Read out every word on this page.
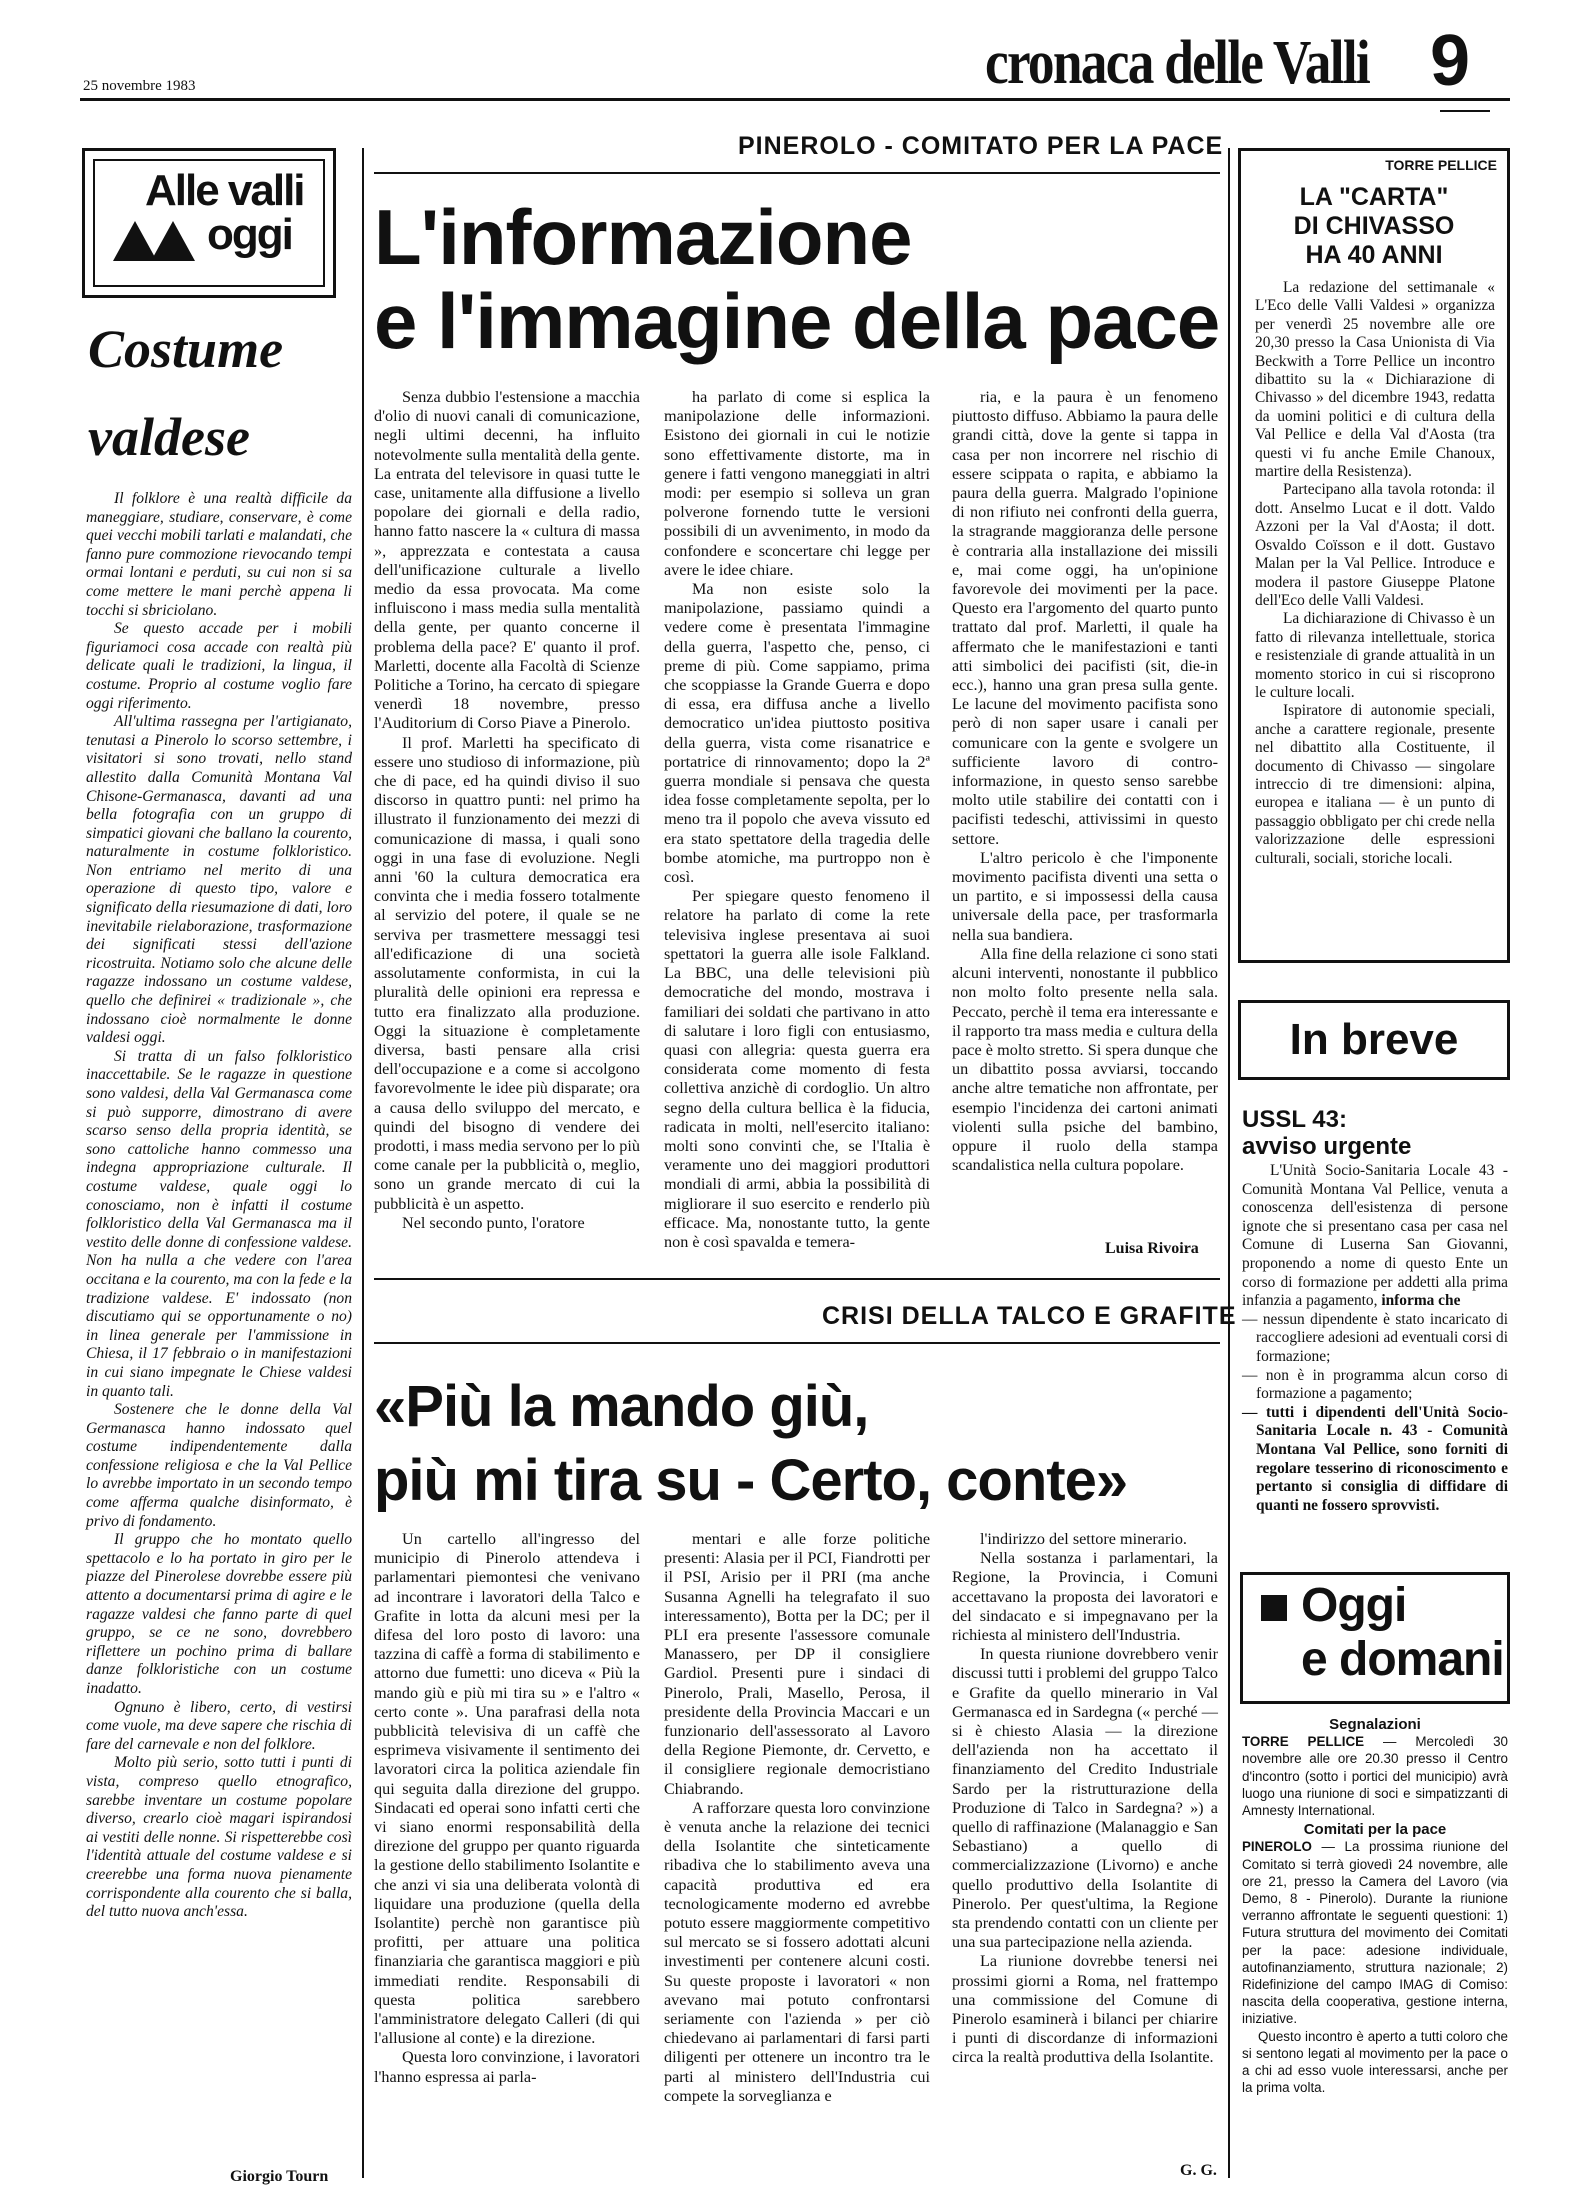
25 novembre 1983	cronaca delle Valli 9
Alle valli
oggi
Costume
valdese

Il folklore è una realtà difficile da maneggiare, studiare, conservare, è come quei vecchi mobili tarlati e malandati, che fanno pure commozione rievocando tempi ormai lontani e perduti, su cui non si sa come mettere le mani perchè appena li tocchi si sbriciolano.

Se questo accade per i mobili figuriamoci cosa accade con realtà più delicate quali le tradizioni, la lingua, il costume. Proprio al costume voglio fare oggi riferimento.

All'ultima rassegna per l'artigianato, tenutasi a Pinerolo lo scorso settembre, i visitatori si sono trovati, nello stand allestito dalla Comunità Montana Val Chisone-Germanasca, davanti ad una bella fotografia con un gruppo di simpatici giovani che ballano la courento, naturalmente in costume folkloristico. Non entriamo nel merito di una operazione di questo tipo, valore e significato della riesumazione di dati, loro inevitabile rielaborazione, trasformazione dei significati stessi dell'azione ricostruita. Notiamo solo che alcune delle ragazze indossano un costume valdese, quello che definirei « tradizionale », che indossano cioè normalmente le donne valdesi oggi.

Si tratta di un falso folkloristico inaccettabile. Se le ragazze in questione sono valdesi, della Val Germanasca come si può supporre, dimostrano di avere scarso senso della propria identità, se sono cattoliche hanno commesso una indegna appropriazione culturale. Il costume valdese, quale oggi lo conosciamo, non è infatti il costume folkloristico della Val Germanasca ma il vestito delle donne di confessione valdese. Non ha nulla a che vedere con l'area occitana e la courento, ma con la fede e la tradizione valdese. E' indossato (non discutiamo qui se opportunamente o no) in linea generale per l'ammissione in Chiesa, il 17 febbraio o in manifestazioni in cui siano impegnate le Chiese valdesi in quanto tali.

Sostenere che le donne della Val Germanasca hanno indossato quel costume indipendentemente dalla confessione religiosa e che la Val Pellice lo avrebbe importato in un secondo tempo come afferma qualche disinformato, è privo di fondamento.

Il gruppo che ho montato quello spettacolo e lo ha portato in giro per le piazze del Pinerolese dovrebbe essere più attento a documentarsi prima di agire e le ragazze valdesi che fanno parte di quel gruppo, se ce ne sono, dovrebbero riflettere un pochino prima di ballare danze folkloristiche con un costume inadatto.

Ognuno è libero, certo, di vestirsi come vuole, ma deve sapere che rischia di fare del carnevale e non del folklore.

Molto più serio, sotto tutti i punti di vista, compreso quello etnografico, sarebbe inventare un costume popolare diverso, crearlo cioè magari ispirandosi ai vestiti delle nonne. Si rispetterebbe così l'identità attuale del costume valdese e si creerebbe una forma nuova pienamente corrispondente alla courento che si balla, del tutto nuova anch'essa.

Giorgio Tourn
PINEROLO - COMITATO PER LA PACE
L'informazione
e l'immagine della pace

Senza dubbio l'estensione a macchia d'olio di nuovi canali di comunicazione, negli ultimi decenni, ha influito notevolmente sulla mentalità della gente. La entrata del televisore in quasi tutte le case, unitamente alla diffusione a livello popolare dei giornali e della radio, hanno fatto nascere la « cultura di massa », apprezzata e contestata a causa dell'unificazione culturale a livello medio da essa provocata. Ma come influiscono i mass media sulla mentalità della gente, per quanto concerne il problema della pace? E' quanto il prof. Marletti, docente alla Facoltà di Scienze Politiche a Torino, ha cercato di spiegare venerdì 18 novembre, presso l'Auditorium di Corso Piave a Pinerolo.

Il prof. Marletti ha specificato di essere uno studioso di informazione, più che di pace, ed ha quindi diviso il suo discorso in quattro punti: nel primo ha illustrato il funzionamento dei mezzi di comunicazione di massa, i quali sono oggi in una fase di evoluzione. Negli anni '60 la cultura democratica era convinta che i media fossero totalmente al servizio del potere, il quale se ne serviva per trasmettere messaggi tesi all'edificazione di una società assolutamente conformista, in cui la pluralità delle opinioni era repressa e tutto era finalizzato alla produzione. Oggi la situazione è completamente diversa, basti pensare alla crisi dell'occupazione e a come si accolgono favorevolmente le idee più disparate; ora a causa dello sviluppo del mercato, e quindi del bisogno di vendere dei prodotti, i mass media servono per lo più come canale per la pubblicità o, meglio, sono un grande mercato di cui la pubblicità è un aspetto.

Nel secondo punto, l'oratore

ha parlato di come si esplica la manipolazione delle informazioni. Esistono dei giornali in cui le notizie sono effettivamente distorte, ma in genere i fatti vengono maneggiati in altri modi: per esempio si solleva un gran polverone fornendo tutte le versioni possibili di un avvenimento, in modo da confondere e sconcertare chi legge per avere le idee chiare.

Ma non esiste solo la manipolazione, passiamo quindi a vedere come è presentata l'immagine della guerra, l'aspetto che, penso, ci preme di più. Come sappiamo, prima che scoppiasse la Grande Guerra e dopo di essa, era diffusa anche a livello democratico un'idea piuttosto positiva della guerra, vista come risanatrice e portatrice di rinnovamento; dopo la 2ª guerra mondiale si pensava che questa idea fosse completamente sepolta, per lo meno tra il popolo che aveva vissuto ed era stato spettatore della tragedia delle bombe atomiche, ma purtroppo non è così.

Per spiegare questo fenomeno il relatore ha parlato di come la rete televisiva inglese presentava ai suoi spettatori la guerra alle isole Falkland. La BBC, una delle televisioni più democratiche del mondo, mostrava i familiari dei soldati che partivano in atto di salutare i loro figli con entusiasmo, quasi con allegria: questa guerra era considerata come momento di festa collettiva anzichè di cordoglio. Un altro segno della cultura bellica è la fiducia, radicata in molti, nell'esercito italiano: molti sono convinti che, se l'Italia è veramente uno dei maggiori produttori mondiali di armi, abbia la possibilità di migliorare il suo esercito e renderlo più efficace. Ma, nonostante tutto, la gente non è così spavalda e temera-

ria, e la paura è un fenomeno piuttosto diffuso. Abbiamo la paura delle grandi città, dove la gente si tappa in casa per non incorrere nel rischio di essere scippata o rapita, e abbiamo la paura della guerra. Malgrado l'opinione di non rifiuto nei confronti della guerra, la stragrande maggioranza delle persone è contraria alla installazione dei missili e, mai come oggi, ha un'opinione favorevole dei movimenti per la pace. Questo era l'argomento del quarto punto trattato dal prof. Marletti, il quale ha affermato che le manifestazioni e tanti atti simbolici dei pacifisti (sit, die-in ecc.), hanno una gran presa sulla gente. Le lacune del movimento pacifista sono però di non saper usare i canali per comunicare con la gente e svolgere un sufficiente lavoro di contro-informazione, in questo senso sarebbe molto utile stabilire dei contatti con i pacifisti tedeschi, attivissimi in questo settore.

L'altro pericolo è che l'imponente movimento pacifista diventi una setta o un partito, e si impossessi della causa universale della pace, per trasformarla nella sua bandiera.

Alla fine della relazione ci sono stati alcuni interventi, nonostante il pubblico non molto folto presente nella sala. Peccato, perchè il tema era interessante e il rapporto tra mass media e cultura della pace è molto stretto. Si spera dunque che un dibattito possa avviarsi, toccando anche altre tematiche non affrontate, per esempio l'incidenza dei cartoni animati violenti sulla psiche del bambino, oppure il ruolo della stampa scandalistica nella cultura popolare.

Luisa Rivoira
CRISI DELLA TALCO E GRAFITE
«Più la mando giù,
più mi tira su - Certo, conte»

Un cartello all'ingresso del municipio di Pinerolo attendeva i parlamentari piemontesi che venivano ad incontrare i lavoratori della Talco e Grafite in lotta da alcuni mesi per la difesa del loro posto di lavoro: una tazzina di caffè a forma di stabilimento e attorno due fumetti: uno diceva « Più la mando giù e più mi tira su » e l'altro « certo conte ». Una parafrasi della nota pubblicità televisiva di un caffè che esprimeva visivamente il sentimento dei lavoratori circa la politica aziendale fin qui seguita dalla direzione del gruppo. Sindacati ed operai sono infatti certi che vi siano enormi responsabilità della direzione del gruppo per quanto riguarda la gestione dello stabilimento Isolantite e che anzi vi sia una deliberata volontà di liquidare una produzione (quella della Isolantite) perchè non garantisce più profitti, per attuare una politica finanziaria che garantisca maggiori e più immediati rendite. Responsabili di questa politica sarebbero l'amministratore delegato Calleri (di qui l'allusione al conte) e la direzione.

Questa loro convinzione, i lavoratori l'hanno espressa ai parla-

mentari e alle forze politiche presenti: Alasia per il PCI, Fiandrotti per il PSI, Arisio per il PRI (ma anche Susanna Agnelli ha telegrafato il suo interessamento), Botta per la DC; per il PLI era presente l'assessore comunale Manassero, per DP il consigliere Gardiol. Presenti pure i sindaci di Pinerolo, Prali, Masello, Perosa, il presidente della Provincia Maccari e un funzionario dell'assessorato al Lavoro della Regione Piemonte, dr. Cervetto, e il consigliere regionale democristiano Chiabrando.

A rafforzare questa loro convinzione è venuta anche la relazione dei tecnici della Isolantite che sinteticamente ribadiva che lo stabilimento aveva una capacità produttiva ed era tecnologicamente moderno ed avrebbe potuto essere maggiormente competitivo sul mercato se si fossero adottati alcuni investimenti per contenere alcuni costi. Su queste proposte i lavoratori « non avevano mai potuto confrontarsi seriamente con l'azienda » per ciò chiedevano ai parlamentari di farsi parti diligenti per ottenere un incontro tra le parti al ministero dell'Industria cui compete la sorveglianza e

l'indirizzo del settore minerario.

Nella sostanza i parlamentari, la Regione, la Provincia, i Comuni accettavano la proposta dei lavoratori e del sindacato e si impegnavano per la richiesta al ministero dell'Industria.

In questa riunione dovrebbero venir discussi tutti i problemi del gruppo Talco e Grafite da quello minerario in Val Germanasca ed in Sardegna (« perché — si è chiesto Alasia — la direzione dell'azienda non ha accettato il finanziamento del Credito Industriale Sardo per la ristrutturazione della Produzione di Talco in Sardegna? ») a quello di raffinazione (Malanaggio e San Sebastiano) a quello di commercializzazione (Livorno) e anche quello produttivo della Isolantite di Pinerolo. Per quest'ultima, la Regione sta prendendo contatti con un cliente per una sua partecipazione nella azienda.

La riunione dovrebbe tenersi nei prossimi giorni a Roma, nel frattempo una commissione del Comune di Pinerolo esaminerà i bilanci per chiarire i punti di discordanze di informazioni circa la realtà produttiva della Isolantite.

G. G.
TORRE PELLICE
LA "CARTA"
DI CHIVASSO
HA 40 ANNI

La redazione del settimanale « L'Eco delle Valli Valdesi » organizza per venerdì 25 novembre alle ore 20,30 presso la Casa Unionista di Via Beckwith a Torre Pellice un incontro dibattito su la « Dichiarazione di Chivasso » del dicembre 1943, redatta da uomini politici e di cultura della Val Pellice e della Val d'Aosta (tra questi vi fu anche Emile Chanoux, martire della Resistenza).

Partecipano alla tavola rotonda: il dott. Anselmo Lucat e il dott. Valdo Azzoni per la Val d'Aosta; il dott. Osvaldo Coïsson e il dott. Gustavo Malan per la Val Pellice. Introduce e modera il pastore Giuseppe Platone dell'Eco delle Valli Valdesi.

La dichiarazione di Chivasso è un fatto di rilevanza intellettuale, storica e resistenziale di grande attualità in un momento storico in cui si riscoprono le culture locali.

Ispiratore di autonomie speciali, anche a carattere regionale, presente nel dibattito alla Costituente, il documento di Chivasso — singolare intreccio di tre dimensioni: alpina, europea e italiana — è un punto di passaggio obbligato per chi crede nella valorizzazione delle espressioni culturali, sociali, storiche locali.

In breve
USSL 43:
avviso urgente

L'Unità Socio-Sanitaria Locale 43 - Comunità Montana Val Pellice, venuta a conoscenza dell'esistenza di persone ignote che si presentano casa per casa nel Comune di Luserna San Giovanni, proponendo a nome di questo Ente un corso di formazione per addetti alla prima infanzia a pagamento, informa che

— nessun dipendente è stato incaricato di raccogliere adesioni ad eventuali corsi di formazione;
— non è in programma alcun corso di formazione a pagamento;
— tutti i dipendenti dell'Unità Socio-Sanitaria Locale n. 43 - Comunità Montana Val Pellice, sono forniti di regolare tesserino di riconoscimento e pertanto si consiglia di diffidare di quanti ne fossero sprovvisti.
Oggi
e domani
Segnalazioni
TORRE PELLICE — Mercoledì 30 novembre alle ore 20.30 presso il Centro d'incontro (sotto i portici del municipio) avrà luogo una riunione di soci e simpatizzanti di Amnesty International.
Comitati per la pace
PINEROLO — La prossima riunione del Comitato si terrà giovedì 24 novembre, alle ore 21, presso la Camera del Lavoro (via Demo, 8 - Pinerolo). Durante la riunione verranno affrontate le seguenti questioni: 1) Futura struttura del movimento dei Comitati per la pace: adesione individuale, autofinanziamento, struttura nazionale; 2) Ridefinizione del campo IMAG di Comiso: nascita della cooperativa, gestione interna, iniziative.
Questo incontro è aperto a tutti coloro che si sentono legati al movimento per la pace o a chi ad esso vuole interessarsi, anche per la prima volta.
